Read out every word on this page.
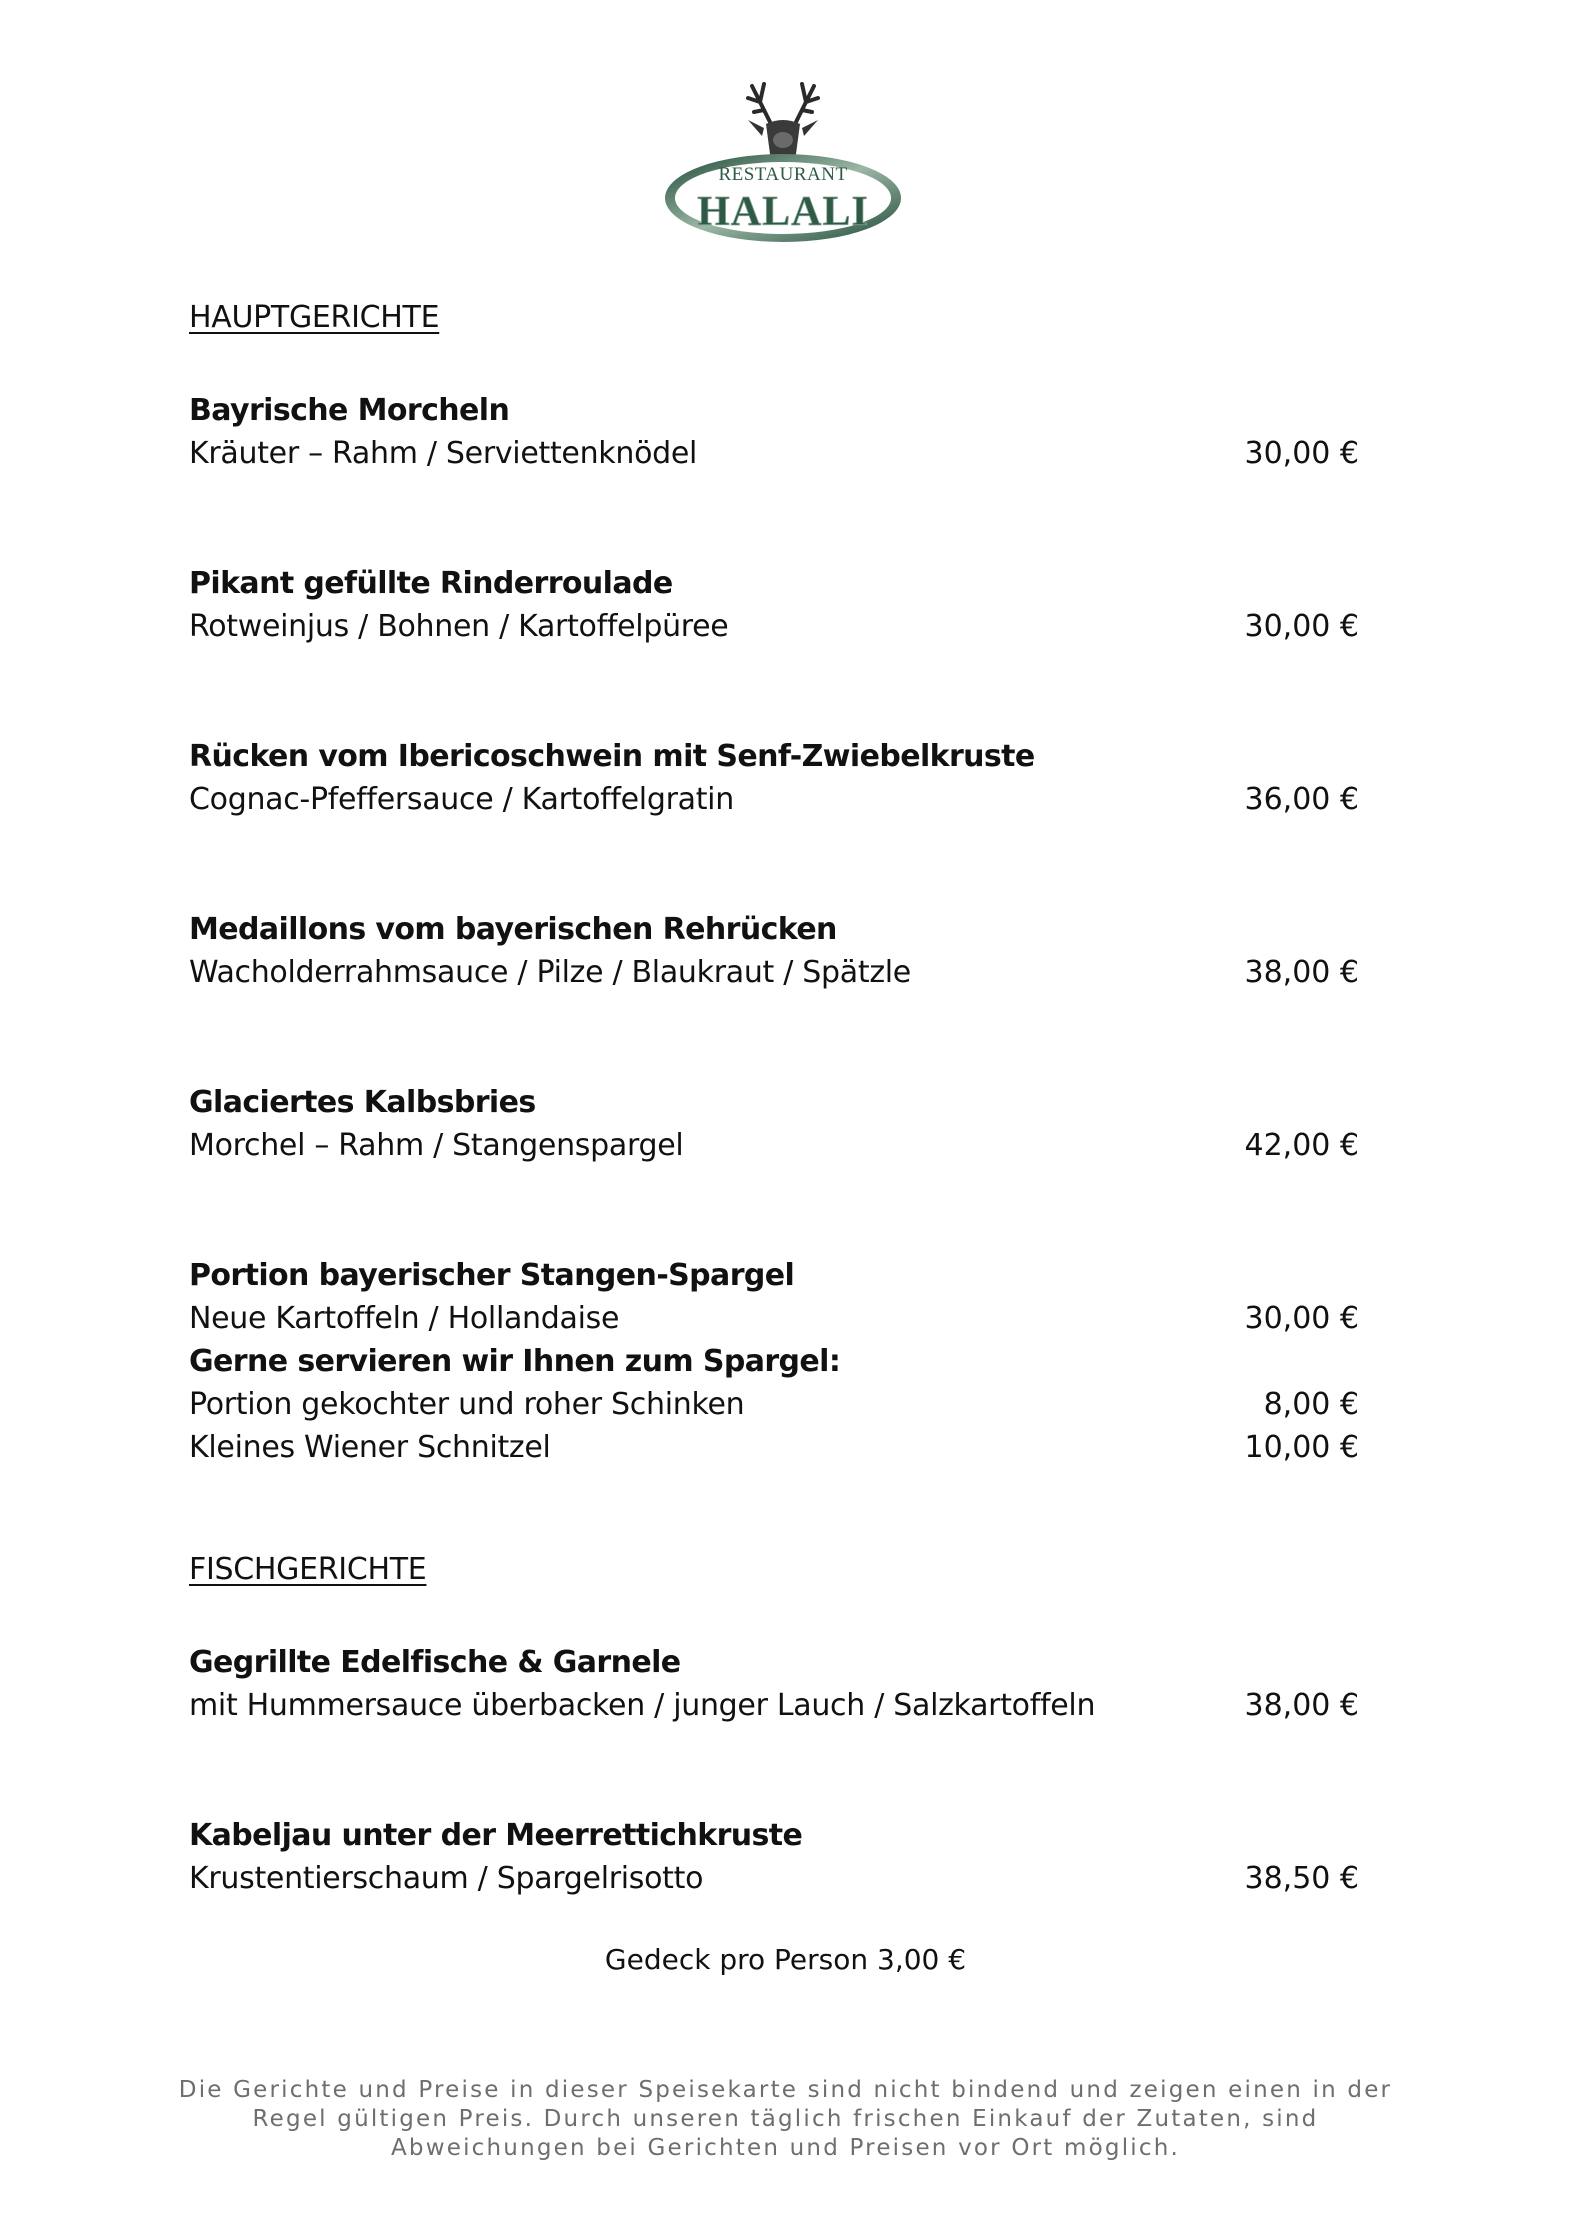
RESTAURANT
HALALI
HAUPTGERICHTE
Bayrische Morcheln
Kräuter – Rahm / Serviettenknödel	30,00 €
Pikant gefüllte Rinderroulade
Rotweinjus / Bohnen / Kartoffelpüree	30,00 €
Rücken vom Ibericoschwein mit Senf-Zwiebelkruste
Cognac-Pfeffersauce / Kartoffelgratin	36,00 €
Medaillons vom bayerischen Rehrücken
Wacholderrahmsauce / Pilze / Blaukraut / Spätzle	38,00 €
Glaciertes Kalbsbries
Morchel – Rahm / Stangenspargel	42,00 €
Portion bayerischer Stangen-Spargel
Neue Kartoffeln / Hollandaise	30,00 €
Gerne servieren wir Ihnen zum Spargel:
Portion gekochter und roher Schinken	8,00 €
Kleines Wiener Schnitzel	10,00 €
FISCHGERICHTE
Gegrillte Edelfische & Garnele
mit Hummersauce überbacken / junger Lauch / Salzkartoffeln	38,00 €
Kabeljau unter der Meerrettichkruste
Krustentierschaum / Spargelrisotto	38,50 €
Gedeck pro Person 3,00 €
Die Gerichte und Preise in dieser Speisekarte sind nicht bindend und zeigen einen in der Regel gültigen Preis. Durch unseren täglich frischen Einkauf der Zutaten, sind Abweichungen bei Gerichten und Preisen vor Ort möglich.
